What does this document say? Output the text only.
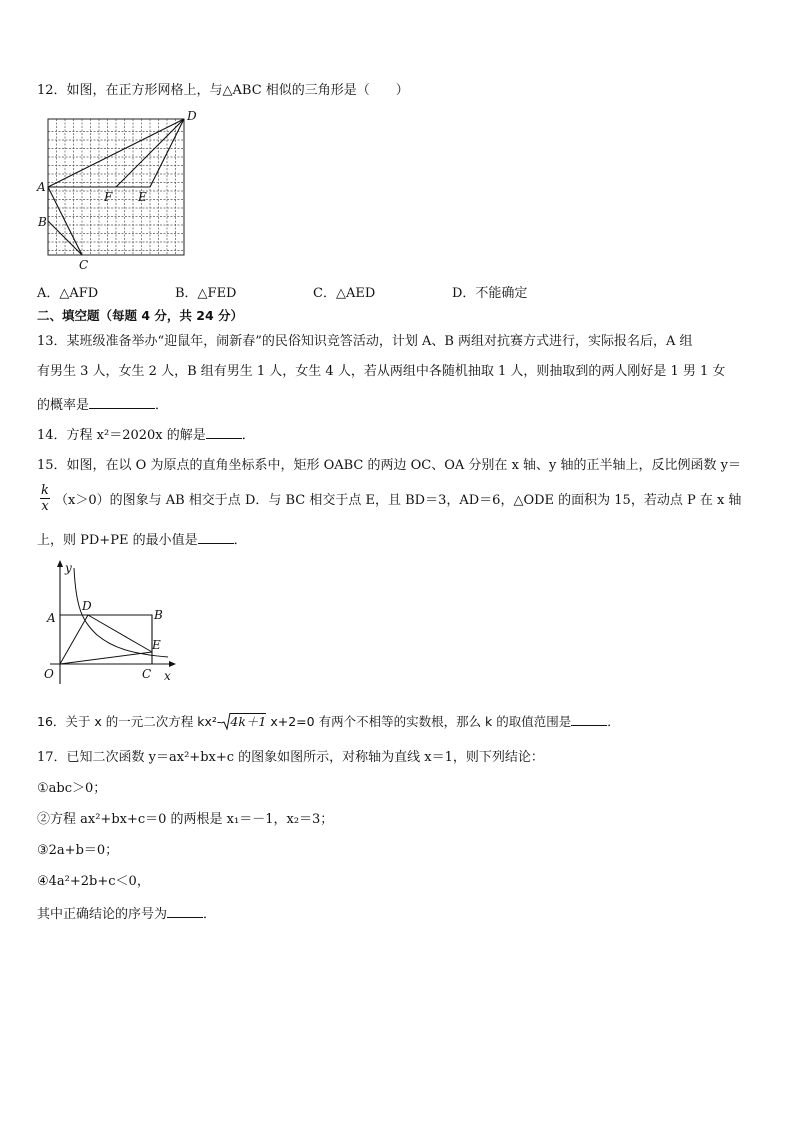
12．如图，在正方形网格上，与△ABC 相似的三角形是（　　）
A
B
C
D
E
F
A．△AFD	B．△FED	C．△AED	D．不能确定
二、填空题（每题 4 分，共 24 分）
13．某班级准备举办“迎鼠年，闹新春”的民俗知识竞答活动，计划 A、B 两组对抗赛方式进行，实际报名后，A 组
有男生 3 人，女生 2 人，B 组有男生 1 人，女生 4 人，若从两组中各随机抽取 1 人，则抽取到的两人刚好是 1 男 1 女
的概率是	．
14．方程 x²＝2020x 的解是	．
15．如图，在以 O 为原点的直角坐标系中，矩形 OABC 的两边 OC、OA 分别在 x 轴、y 轴的正半轴上，反比例函数 y＝
$\frac{k}{x} (x>0)$的图象与 AB 相交于点 D．与 BC 相交于点 E，且 BD＝3，AD＝6，△ODE 的面积为 15，若动点 P 在 x 轴
上，则 PD+PE 的最小值是	．
y
x
O
A	B
C
D
E
16．关于 x 的一元二次方程 kx²- 4k＋1 x+2=0 有两个不相等的实数根，那么 k 的取值范围是	．
17．已知二次函数 y＝ax²+bx+c 的图象如图所示，对称轴为直线 x＝1，则下列结论：
①abc＞0；
②方程 ax²+bx+c＝0 的两根是 x₁＝－1，x₂＝3；
③2a+b＝0；
④4a²+2b+c＜0，
其中正确结论的序号为	．
